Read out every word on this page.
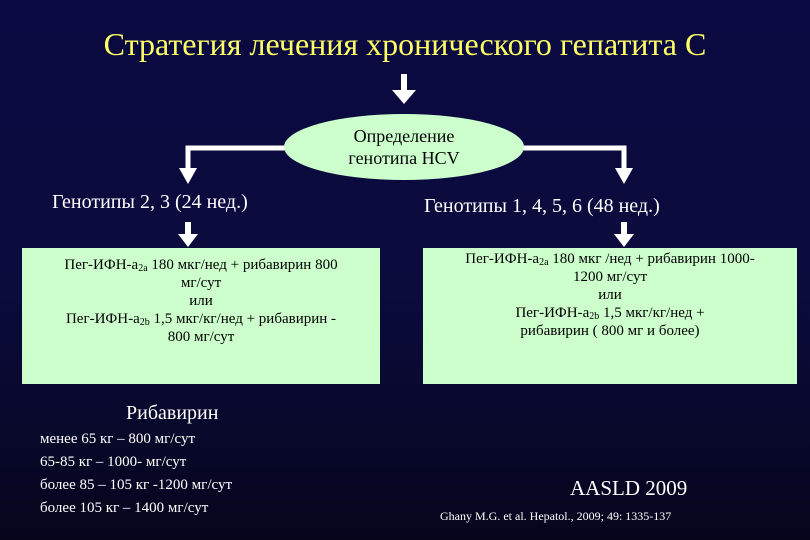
Стратегия лечения хронического гепатита С
Определение
генотипа HCV
Генотипы 2, 3 (24 нед.)	Генотипы 1, 4, 5, 6 (48 нед.)
Пег-$ИФН-a_{2a}$ 180 мкг/нед + рибавирин 800
мг/сут
или
Пег-$ИФН-a_{2b}$ 1,5 мкг/кг/нед + рибавирин -
800 мг/сут
Пег-$ИФН-a_{2a}$ 180 мкг /нед + рибавирин 1000-
1200 мг/сут
или
Пег-$ИФН-a_{2b}$ 1,5 мкг/кг/нед +
рибавирин ( 800 мг и более)
Рибавирин
менее 65 кг – 800 мг/сут
65-85 кг – 1000- мг/сут
более 85 – 105 кг -1200 мг/сут
более 105 кг – 1400 мг/сут
AASLD 2009
Ghany M.G. et al. Hepatol., 2009; 49: 1335-137
